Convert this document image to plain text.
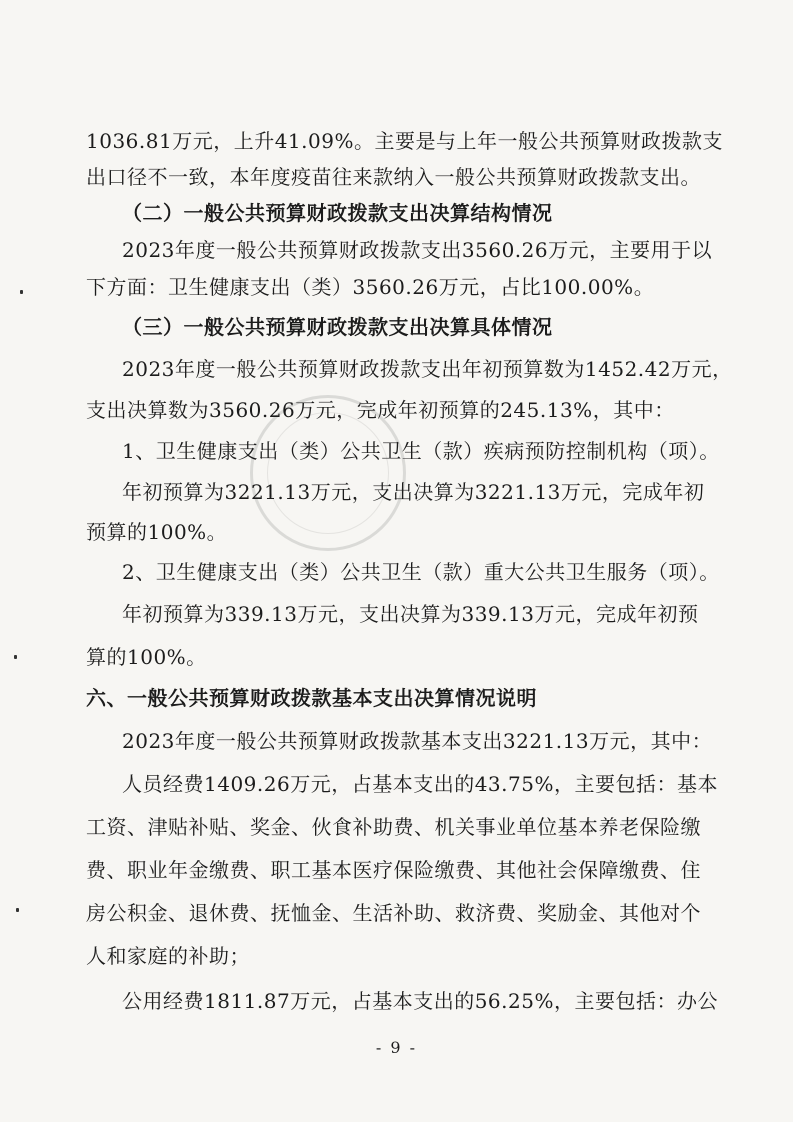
1036.81万元，上升41.09%。主要是与上年一般公共预算财政拨款支
出口径不一致，本年度疫苗往来款纳入一般公共预算财政拨款支出。
（二）一般公共预算财政拨款支出决算结构情况
2023年度一般公共预算财政拨款支出3560.26万元，主要用于以
下方面：卫生健康支出（类）3560.26万元，占比100.00%。
（三）一般公共预算财政拨款支出决算具体情况
2023年度一般公共预算财政拨款支出年初预算数为1452.42万元，
支出决算数为3560.26万元，完成年初预算的245.13%，其中：
1、卫生健康支出（类）公共卫生（款）疾病预防控制机构（项）。
年初预算为3221.13万元，支出决算为3221.13万元，完成年初
预算的100%。
2、卫生健康支出（类）公共卫生（款）重大公共卫生服务（项）。
年初预算为339.13万元，支出决算为339.13万元，完成年初预
算的100%。
六、一般公共预算财政拨款基本支出决算情况说明
2023年度一般公共预算财政拨款基本支出3221.13万元，其中：
人员经费1409.26万元，占基本支出的43.75%，主要包括：基本
工资、津贴补贴、奖金、伙食补助费、机关事业单位基本养老保险缴
费、职业年金缴费、职工基本医疗保险缴费、其他社会保障缴费、住
房公积金、退休费、抚恤金、生活补助、救济费、奖励金、其他对个
人和家庭的补助；
公用经费1811.87万元，占基本支出的56.25%，主要包括：办公
- 9 -
